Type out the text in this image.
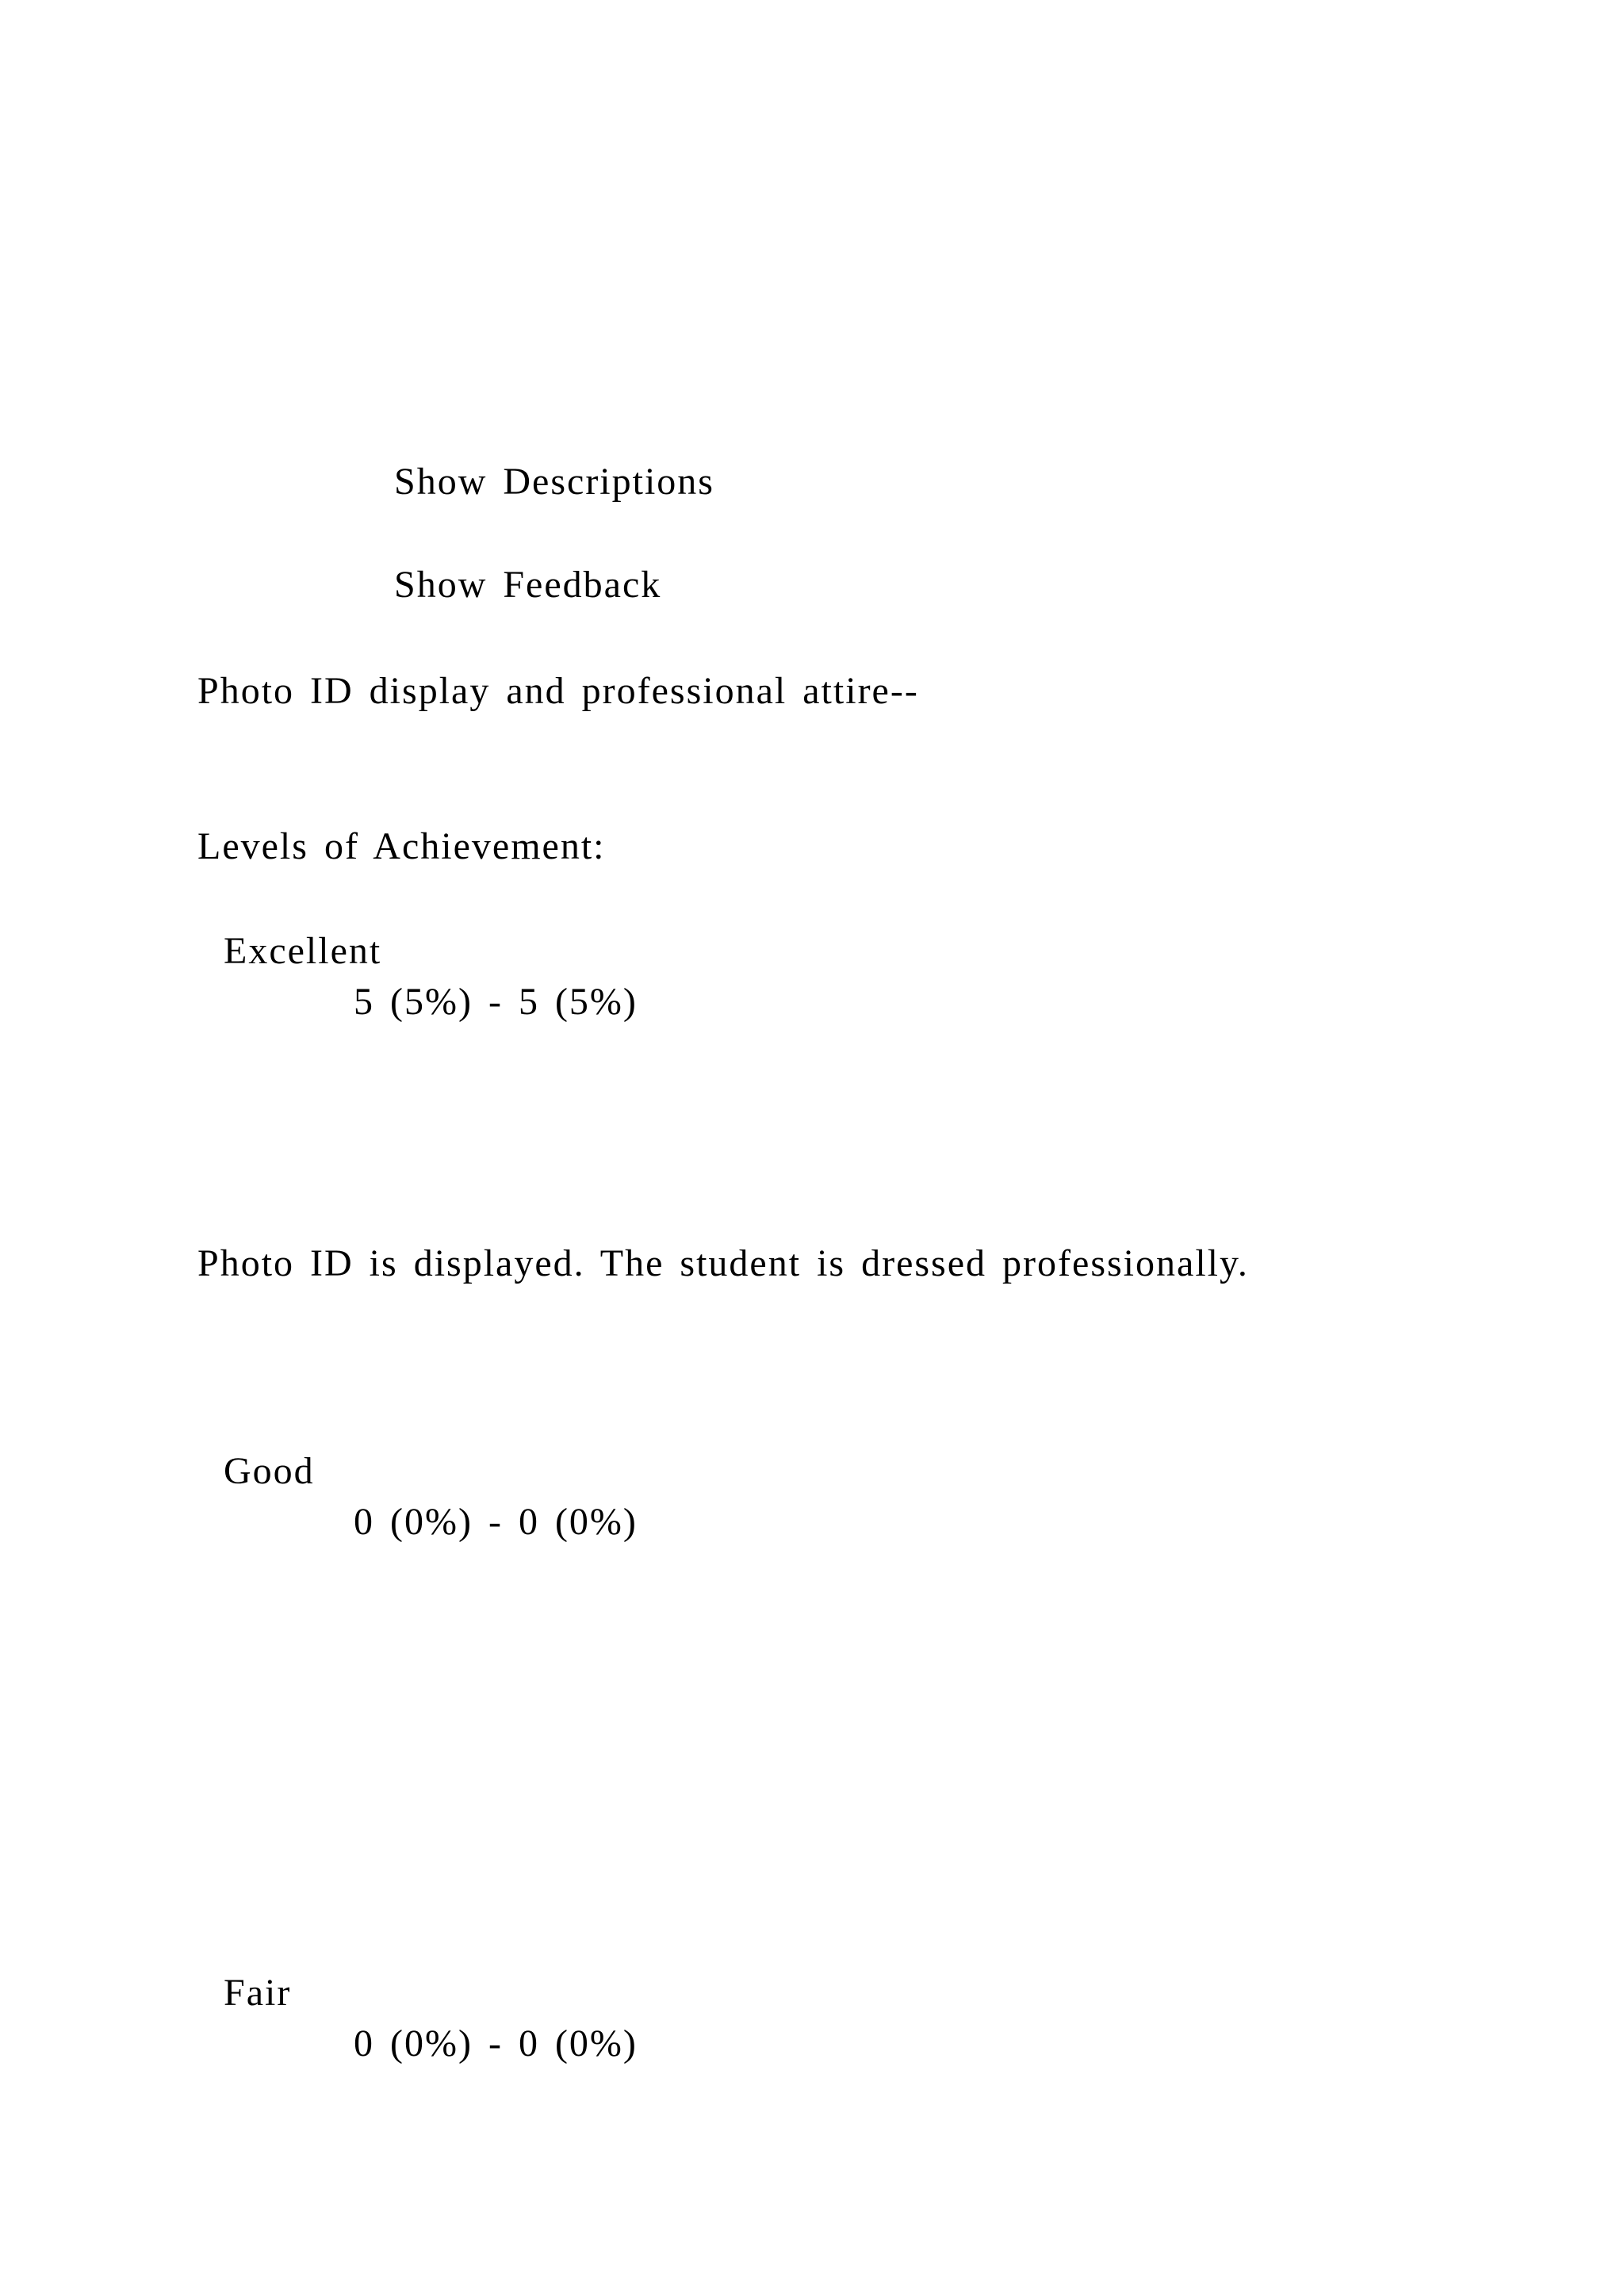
Show Descriptions
Show Feedback
Photo ID display and professional attire--
Levels of Achievement:
Excellent
5 (5%) - 5 (5%)
Photo ID is displayed. The student is dressed professionally.
Good
0 (0%) - 0 (0%)
Fair
0 (0%) - 0 (0%)
